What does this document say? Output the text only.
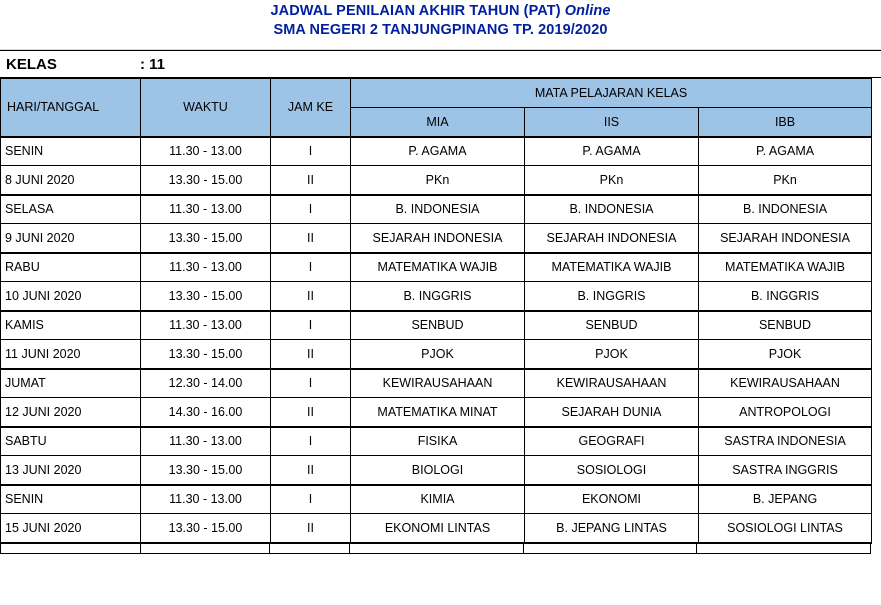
JADWAL PENILAIAN AKHIR TAHUN (PAT) Online
SMA NEGERI 2 TANJUNGPINANG TP. 2019/2020
KELAS	: 11
HARI/TANGGAL	WAKTU	JAM KE	MATA PELAJARAN KELAS		
			MIA	IIS	IBB
SENIN	11.30 - 13.00	I	P. AGAMA	P. AGAMA	P. AGAMA
8 JUNI 2020	13.30 - 15.00	II	PKn	PKn	PKn
SELASA	11.30 - 13.00	I	B. INDONESIA	B. INDONESIA	B. INDONESIA
9 JUNI 2020	13.30 - 15.00	II	SEJARAH INDONESIA	SEJARAH INDONESIA	SEJARAH INDONESIA
RABU	11.30 - 13.00	I	MATEMATIKA WAJIB	MATEMATIKA WAJIB	MATEMATIKA WAJIB
10 JUNI 2020	13.30 - 15.00	II	B. INGGRIS	B. INGGRIS	B. INGGRIS
KAMIS	11.30 - 13.00	I	SENBUD	SENBUD	SENBUD
11 JUNI 2020	13.30 - 15.00	II	PJOK	PJOK	PJOK
JUMAT	12.30 - 14.00	I	KEWIRAUSAHAAN	KEWIRAUSAHAAN	KEWIRAUSAHAAN
12 JUNI 2020	14.30 - 16.00	II	MATEMATIKA MINAT	SEJARAH DUNIA	ANTROPOLOGI
SABTU	11.30 - 13.00	I	FISIKA	GEOGRAFI	SASTRA INDONESIA
13 JUNI 2020	13.30 - 15.00	II	BIOLOGI	SOSIOLOGI	SASTRA INGGRIS
SENIN	11.30 - 13.00	I	KIMIA	EKONOMI	B. JEPANG
15 JUNI 2020	13.30 - 15.00	II	EKONOMI LINTAS	B. JEPANG LINTAS	SOSIOLOGI LINTAS
